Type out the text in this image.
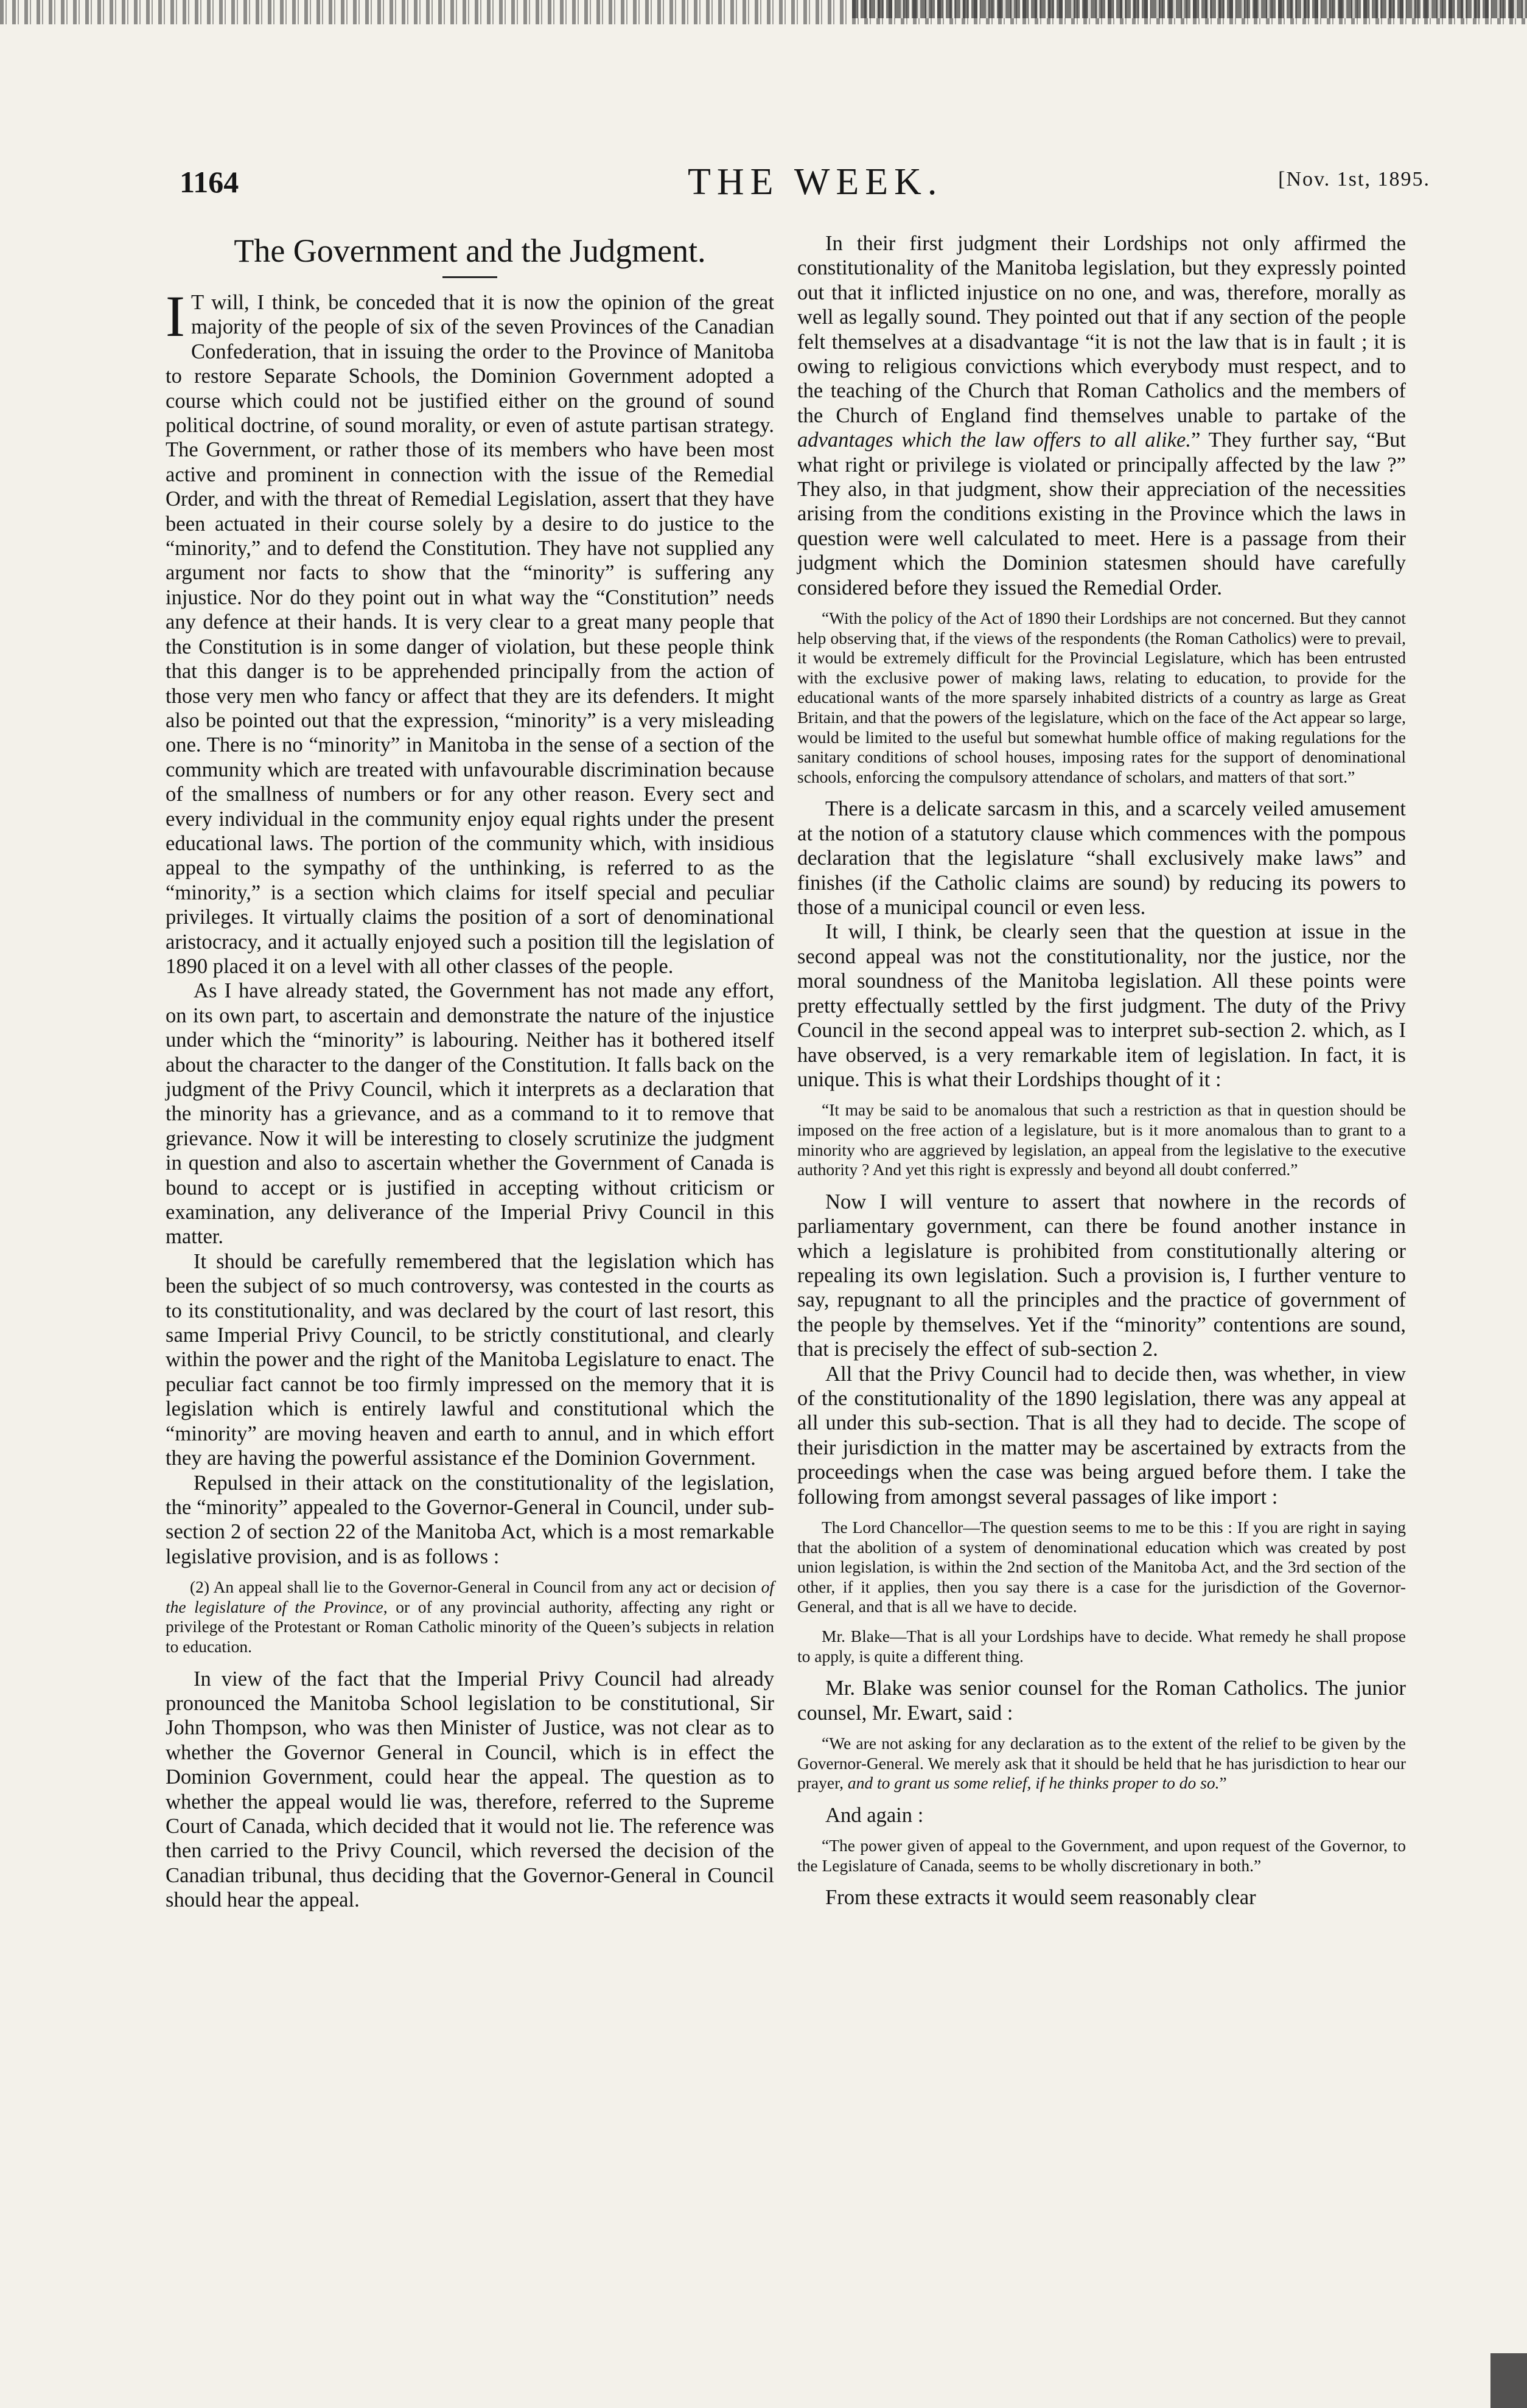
1164	THE WEEK.	[Nov. 1st, 1895.
The Government and the Judgment.

I T will, I think, be conceded that it is now the opinion of the great majority of the people of six of the seven Provinces of the Canadian Confederation, that in issuing the order to the Province of Manitoba to restore Separate Schools, the Dominion Government adopted a course which could not be justified either on the ground of sound political doctrine, of sound morality, or even of astute partisan strategy. The Government, or rather those of its members who have been most active and prominent in connection with the issue of the Remedial Order, and with the threat of Remedial Legislation, assert that they have been actuated in their course solely by a desire to do justice to the “minority,” and to defend the Constitution. They have not supplied any argument nor facts to show that the “minority” is suffering any injustice. Nor do they point out in what way the “Constitution” needs any defence at their hands. It is very clear to a great many people that the Constitution is in some danger of violation, but these people think that this danger is to be apprehended principally from the action of those very men who fancy or affect that they are its defenders. It might also be pointed out that the expression, “minority” is a very misleading one. There is no “minority” in Manitoba in the sense of a section of the community which are treated with unfavourable discrimination because of the smallness of numbers or for any other reason. Every sect and every individual in the community enjoy equal rights under the present educational laws. The portion of the community which, with insidious appeal to the sympathy of the unthinking, is referred to as the “minority,” is a section which claims for itself special and peculiar privileges. It virtually claims the position of a sort of denominational aristocracy, and it actually enjoyed such a position till the legislation of 1890 placed it on a level with all other classes of the people.

As I have already stated, the Government has not made any effort, on its own part, to ascertain and demonstrate the nature of the injustice under which the “minority” is labouring. Neither has it bothered itself about the character to the danger of the Constitution. It falls back on the judgment of the Privy Council, which it interprets as a declaration that the minority has a grievance, and as a command to it to remove that grievance. Now it will be interesting to closely scrutinize the judgment in question and also to ascertain whether the Government of Canada is bound to accept or is justified in accepting without criticism or examination, any deliverance of the Imperial Privy Council in this matter.

It should be carefully remembered that the legislation which has been the subject of so much controversy, was contested in the courts as to its constitutionality, and was declared by the court of last resort, this same Imperial Privy Council, to be strictly constitutional, and clearly within the power and the right of the Manitoba Legislature to enact. The peculiar fact cannot be too firmly impressed on the memory that it is legislation which is entirely lawful and constitutional which the “minority” are moving heaven and earth to annul, and in which effort they are having the powerful assistance ef the Dominion Government.

Repulsed in their attack on the constitutionality of the legislation, the “minority” appealed to the Governor-General in Council, under sub-section 2 of section 22 of the Manitoba Act, which is a most remarkable legislative provision, and is as follows :

(2) An appeal shall lie to the Governor-General in Council from any act or decision of the legislature of the Province, or of any provincial authority, affecting any right or privilege of the Protestant or Roman Catholic minority of the Queen’s subjects in relation to education.

In view of the fact that the Imperial Privy Council had already pronounced the Manitoba School legislation to be constitutional, Sir John Thompson, who was then Minister of Justice, was not clear as to whether the Governor General in Council, which is in effect the Dominion Government, could hear the appeal. The question as to whether the appeal would lie was, therefore, referred to the Supreme Court of Canada, which decided that it would not lie. The reference was then carried to the Privy Council, which reversed the decision of the Canadian tribunal, thus deciding that the Governor-General in Council should hear the appeal.

In their first judgment their Lordships not only affirmed the constitutionality of the Manitoba legislation, but they expressly pointed out that it inflicted injustice on no one, and was, therefore, morally as well as legally sound. They pointed out that if any section of the people felt themselves at a disadvantage “it is not the law that is in fault ; it is owing to religious convictions which everybody must respect, and to the teaching of the Church that Roman Catholics and the members of the Church of England find themselves unable to partake of the advantages which the law offers to all alike.” They further say, “But what right or privilege is violated or principally affected by the law ?” They also, in that judgment, show their appreciation of the necessities arising from the conditions existing in the Province which the laws in question were well calculated to meet. Here is a passage from their judgment which the Dominion statesmen should have carefully considered before they issued the Remedial Order.

“With the policy of the Act of 1890 their Lordships are not concerned. But they cannot help observing that, if the views of the respondents (the Roman Catholics) were to prevail, it would be extremely difficult for the Provincial Legislature, which has been entrusted with the exclusive power of making laws, relating to education, to provide for the educational wants of the more sparsely inhabited districts of a country as large as Great Britain, and that the powers of the legislature, which on the face of the Act appear so large, would be limited to the useful but somewhat humble office of making regulations for the sanitary conditions of school houses, imposing rates for the support of denominational schools, enforcing the compulsory attendance of scholars, and matters of that sort.”

There is a delicate sarcasm in this, and a scarcely veiled amusement at the notion of a statutory clause which commences with the pompous declaration that the legislature “shall exclusively make laws” and finishes (if the Catholic claims are sound) by reducing its powers to those of a municipal council or even less.

It will, I think, be clearly seen that the question at issue in the second appeal was not the constitutionality, nor the justice, nor the moral soundness of the Manitoba legislation. All these points were pretty effectually settled by the first judgment. The duty of the Privy Council in the second appeal was to interpret sub-section 2. which, as I have observed, is a very remarkable item of legislation. In fact, it is unique. This is what their Lordships thought of it :

“It may be said to be anomalous that such a restriction as that in question should be imposed on the free action of a legislature, but is it more anomalous than to grant to a minority who are aggrieved by legislation, an appeal from the legislative to the executive authority ? And yet this right is expressly and beyond all doubt conferred.”

Now I will venture to assert that nowhere in the records of parliamentary government, can there be found another instance in which a legislature is prohibited from constitutionally altering or repealing its own legislation. Such a provision is, I further venture to say, repugnant to all the principles and the practice of government of the people by themselves. Yet if the “minority” contentions are sound, that is precisely the effect of sub-section 2.

All that the Privy Council had to decide then, was whether, in view of the constitutionality of the 1890 legislation, there was any appeal at all under this sub-section. That is all they had to decide. The scope of their jurisdiction in the matter may be ascertained by extracts from the proceedings when the case was being argued before them. I take the following from amongst several passages of like import :

The Lord Chancellor—The question seems to me to be this : If you are right in saying that the abolition of a system of denominational education which was created by post union legislation, is within the 2nd section of the Manitoba Act, and the 3rd section of the other, if it applies, then you say there is a case for the jurisdiction of the Governor-General, and that is all we have to decide.

Mr. Blake—That is all your Lordships have to decide. What remedy he shall propose to apply, is quite a different thing.

Mr. Blake was senior counsel for the Roman Catholics. The junior counsel, Mr. Ewart, said :

“We are not asking for any declaration as to the extent of the relief to be given by the Governor-General. We merely ask that it should be held that he has jurisdiction to hear our prayer, and to grant us some relief, if he thinks proper to do so.”

And again :

“The power given of appeal to the Government, and upon request of the Governor, to the Legislature of Canada, seems to be wholly discretionary in both.”

From these extracts it would seem reasonably clear
